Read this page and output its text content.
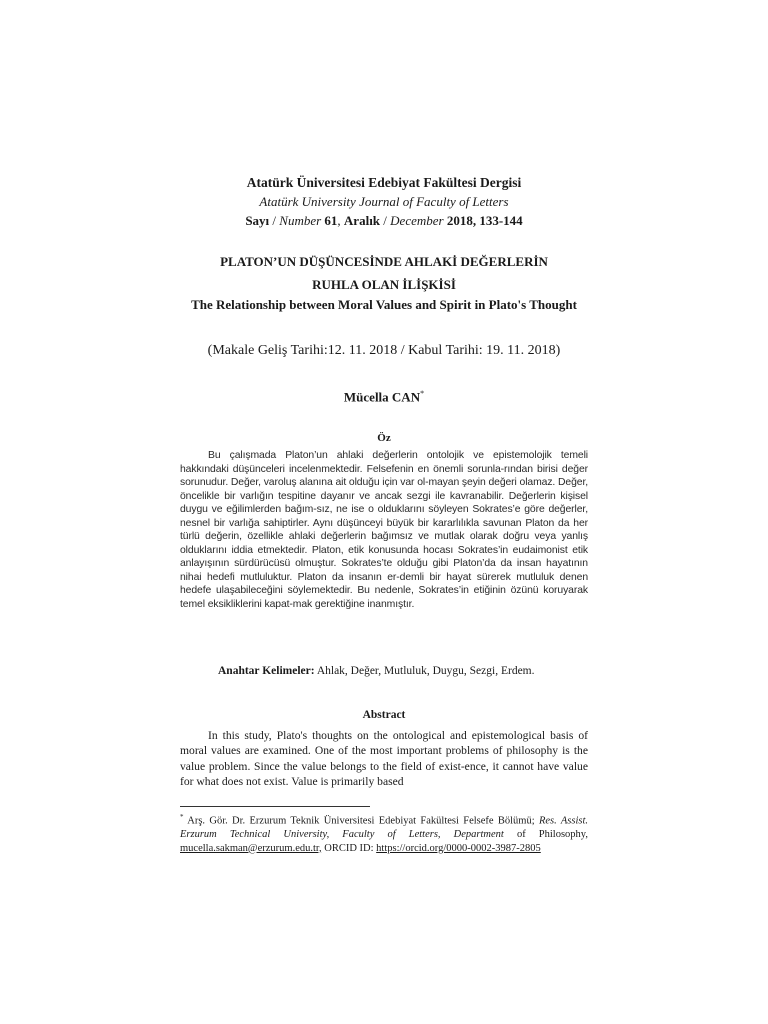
Atatürk Üniversitesi Edebiyat Fakültesi Dergisi
Atatürk University Journal of Faculty of Letters
Sayı / Number 61, Aralık / December 2018, 133-144
PLATON’UN DÜŞÜNCESİNDE AHLAKİ DEĞERLERİN
RUHLA OLAN İLİŞKİSİ
The Relationship between Moral Values and Spirit in Plato's Thought
(Makale Geliş Tarihi:12. 11. 2018 / Kabul Tarihi: 19. 11. 2018)
Mücella CAN*
Öz
Bu çalışmada Platon’un ahlaki değerlerin ontolojik ve epistemolojik temeli hakkındaki düşünceleri incelenmektedir. Felsefenin en önemli sorunla-rından birisi değer sorunudur. Değer, varoluş alanına ait olduğu için var ol-mayan şeyin değeri olamaz. Değer, öncelikle bir varlığın tespitine dayanır ve ancak sezgi ile kavranabilir. Değerlerin kişisel duygu ve eğilimlerden bağım-sız, ne ise o olduklarını söyleyen Sokrates’e göre değerler, nesnel bir varlığa sahiptirler. Aynı düşünceyi büyük bir kararlılıkla savunan Platon da her türlü değerin, özellikle ahlaki değerlerin bağımsız ve mutlak olarak doğru veya yanlış olduklarını iddia etmektedir. Platon, etik konusunda hocası Sokrates’in eudaimonist etik anlayışının sürdürücüsü olmuştur. Sokrates’te olduğu gibi Platon’da da insan hayatının nihai hedefi mutluluktur. Platon da insanın er-demli bir hayat sürerek mutluluk denen hedefe ulaşabileceğini söylemektedir. Bu nedenle, Sokrates’in etiğinin özünü koruyarak temel eksikliklerini kapat-mak gerektiğine inanmıştır.
Anahtar Kelimeler: Ahlak, Değer, Mutluluk, Duygu, Sezgi, Erdem.
Abstract
In this study, Plato's thoughts on the ontological and epistemological basis of moral values are examined. One of the most important problems of philosophy is the value problem. Since the value belongs to the field of exist-ence, it cannot have value for what does not exist. Value is primarily based
* Arş. Gör. Dr. Erzurum Teknik Üniversitesi Edebiyat Fakültesi Felsefe Bölümü; Res. Assist. Erzurum Technical University, Faculty of Letters, Department of Philosophy, mucella.sakman@erzurum.edu.tr, ORCID ID: https://orcid.org/0000-0002-3987-2805
